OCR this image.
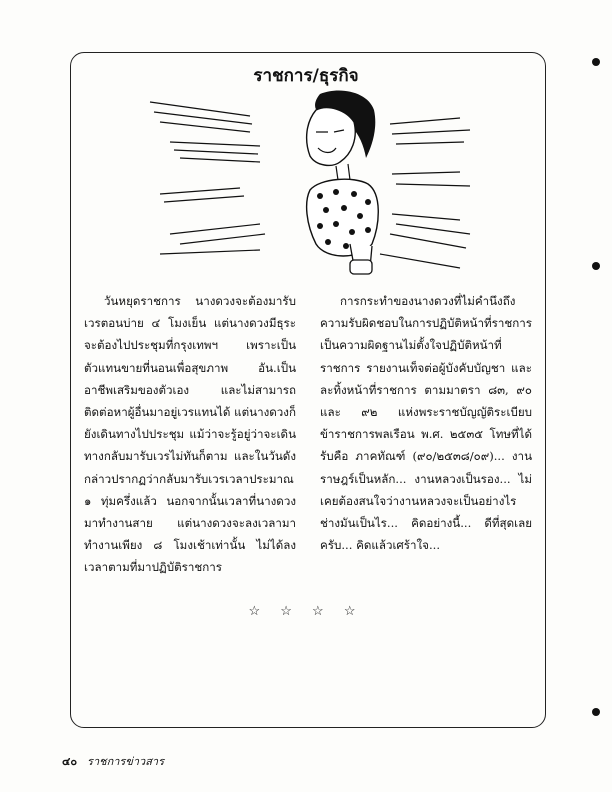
ราชการ/ธุรกิจ

วันหยุดราชการ นางดวงจะต้องมารับเวรตอนบ่าย ๔ โมงเย็น แต่นางดวงมีธุระจะต้องไปประชุมที่กรุงเทพฯ เพราะเป็นตัวแทนขายที่นอนเพื่อสุขภาพ อัน.เป็นอาชีพเสริมของตัวเอง และไม่สามารถติดต่อหาผู้อื่นมาอยู่เวรแทนได้ แต่นางดวงก็ยังเดินทางไปประชุม แม้ว่าจะรู้อยู่ว่าจะเดินทางกลับมารับเวรไม่ทันก็ตาม และในวันดังกล่าวปรากฏว่ากลับมารับเวรเวลาประมาณ ๑ ทุ่มครึ่งแล้ว นอกจากนั้นเวลาที่นางดวงมาทำงานสาย แต่นางดวงจะลงเวลามาทำงานเพียง ๘ โมงเช้าเท่านั้น ไม่ได้ลงเวลาตามที่มาปฏิบัติราชการ

การกระทำของนางดวงที่ไม่คำนึงถึงความรับผิดชอบในการปฏิบัติหน้าที่ราชการ เป็นความผิดฐานไม่ตั้งใจปฏิบัติหน้าที่ราชการ รายงานเท็จต่อผู้บังคับบัญชา และละทิ้งหน้าที่ราชการ ตามมาตรา ๘๓, ๙๐ และ ๙๒ แห่งพระราชบัญญัติระเบียบข้าราชการพลเรือน พ.ศ. ๒๕๓๕ โทษที่ได้รับคือ ภาคทัณฑ์ (๙๐/๒๕๓๘/๐๙)... งานราษฎร์เป็นหลัก... งานหลวงเป็นรอง... ไม่เคยต้องสนใจว่างานหลวงจะเป็นอย่างไร ช่างมันเป็นไร... คิดอย่างนี้... ดีที่สุดเลยครับ... คิดแล้วเศร้าใจ...

☆ ☆ ☆ ☆
๔๐ ราชการข่าวสาร
